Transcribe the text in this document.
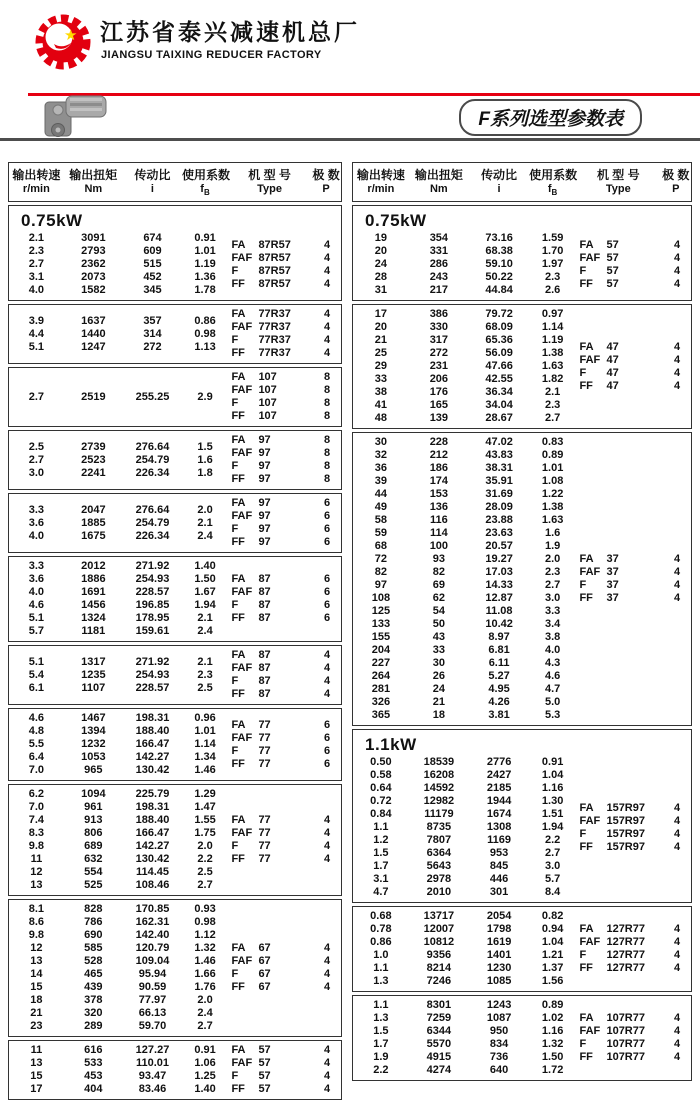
★ 江苏省泰兴减速机总厂
JIANGSU TAIXING REDUCER FACTORY
F系列选型参数表
输出转速 输出扭矩	传动比 使用系数	机 型 号	极 数
r/min	Nm	i	$f_B$	Type	P
0.75kW
2.1	3091	674	0.91
2.3	2793	609	1.01
2.7	2362	515	1.19
3.1	2073	452	1.36
4.0	1582	345	1.78
FA	87R57	4
FAF 87R57	4
F	87R57	4
FF	87R57	4
3.9	1637	357	0.86
4.4	1440	314	0.98
5.1	1247	272	1.13
FA	77R37	4
FAF 77R37	4
F	77R37	4
FF	77R37	4
2.7	2519	255.25	2.9
FA	107	8
FAF 107	8
F	107	8
FF	107	8
2.5	2739	276.64	1.5
2.7	2523	254.79	1.6
3.0	2241	226.34	1.8
FA	97	8
FAF 97	8
F	97	8
FF	97	8
3.3	2047	276.64	2.0
3.6	1885	254.79	2.1
4.0	1675	226.34	2.4
FA	97	6
FAF 97	6
F	97	6
FF	97	6
3.3	2012	271.92	1.40
3.6	1886	254.93	1.50
4.0	1691	228.57	1.67
4.6	1456	196.85	1.94
5.1	1324	178.95	2.1
5.7	1181	159.61	2.4
FA	87	6
FAF 87	6
F	87	6
FF	87	6
5.1	1317	271.92	2.1
5.4	1235	254.93	2.3
6.1	1107	228.57	2.5
FA	87	4
FAF 87	4
F	87	4
FF	87	4
4.6	1467	198.31	0.96
4.8	1394	188.40	1.01
5.5	1232	166.47	1.14
6.4	1053	142.27	1.34
7.0	965	130.42	1.46
FA	77	6
FAF 77	6
F	77	6
FF	77	6
6.2	1094	225.79	1.29
7.0	961	198.31	1.47
7.4	913	188.40	1.55
8.3	806	166.47	1.75
9.8	689	142.27	2.0
11	632	130.42	2.2
12	554	114.45	2.5
13	525	108.46	2.7
FA	77	4
FAF 77	4
F	77	4
FF	77	4
8.1	828	170.85	0.93
8.6	786	162.31	0.98
9.8	690	142.40	1.12
12	585	120.79	1.32
13	528	109.04	1.46
14	465	95.94	1.66
15	439	90.59	1.76
18	378	77.97	2.0
21	320	66.13	2.4
23	289	59.70	2.7
FA	67	4
FAF 67	4
F	67	4
FF	67	4
11	616	127.27	0.91
13	533	110.01	1.06
15	453	93.47	1.25
17	404	83.46	1.40
FA	57	4
FAF 57	4
F	57	4
FF	57	4
输出转速 输出扭矩	传动比	使用系数	机 型 号	极 数
r/min	Nm	i	$f_B$	Type	P
0.75kW
19	354	73.16	1.59
20	331	68.38	1.70
24	286	59.10	1.97
28	243	50.22	2.3
31	217	44.84	2.6
FA	57	4
FAF 57	4
F	57	4
FF	57	4
17	386	79.72	0.97
20	330	68.09	1.14
21	317	65.36	1.19
25	272	56.09	1.38
29	231	47.66	1.63
33	206	42.55	1.82
38	176	36.34	2.1
41	165	34.04	2.3
48	139	28.67	2.7
FA	47	4
FAF 47	4
F	47	4
FF	47	4
30	228	47.02	0.83
32	212	43.83	0.89
36	186	38.31	1.01
39	174	35.91	1.08
44	153	31.69	1.22
49	136	28.09	1.38
58	116	23.88	1.63
59	114	23.63	1.6
68	100	20.57	1.9
72	93	19.27	2.0
82	82	17.03	2.3
97	69	14.33	2.7
108	62	12.87	3.0
125	54	11.08	3.3
133	50	10.42	3.4
155	43	8.97	3.8
204	33	6.81	4.0
227	30	6.11	4.3
264	26	5.27	4.6
281	24	4.95	4.7
326	21	4.26	5.0
365	18	3.81	5.3
FA	37	4
FAF 37	4
F	37	4
FF	37	4
1.1kW
0.50	18539	2776	0.91
0.58	16208	2427	1.04
0.64	14592	2185	1.16
0.72	12982	1944	1.30
0.84	11179	1674	1.51
1.1	8735	1308	1.94
1.2	7807	1169	2.2
1.5	6364	953	2.7
1.7	5643	845	3.0
3.1	2978	446	5.7
4.7	2010	301	8.4
FA	157R97	4
FAF 157R97	4
F	157R97	4
FF	157R97	4
0.68	13717	2054	0.82
0.78	12007	1798	0.94
0.86	10812	1619	1.04
1.0	9356	1401	1.21
1.1	8214	1230	1.37
1.3	7246	1085	1.56
FA	127R77	4
FAF 127R77	4
F	127R77	4
FF	127R77	4
1.1	8301	1243	0.89
1.3	7259	1087	1.02
1.5	6344	950	1.16
1.7	5570	834	1.32
1.9	4915	736	1.50
2.2	4274	640	1.72
FA	107R77	4
FAF 107R77	4
F	107R77	4
FF	107R77	4
